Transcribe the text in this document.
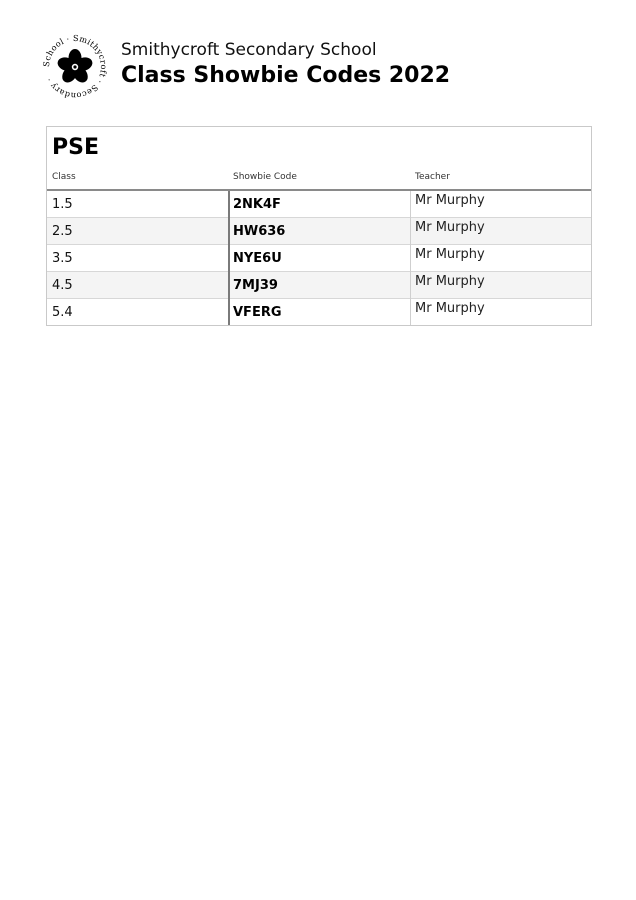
chool · Smithycr ft · Secondary ·
Smithycroft Secondary School
Class Showbie Codes 2022
PSE
Class	Showbie Code	Teacher
1.5	2NK4F	Mr Murphy
2.5	HW636	Mr Murphy
3.5	NYE6U	Mr Murphy
4.5	7MJ39	Mr Murphy
5.4	VFERG	Mr Murphy
